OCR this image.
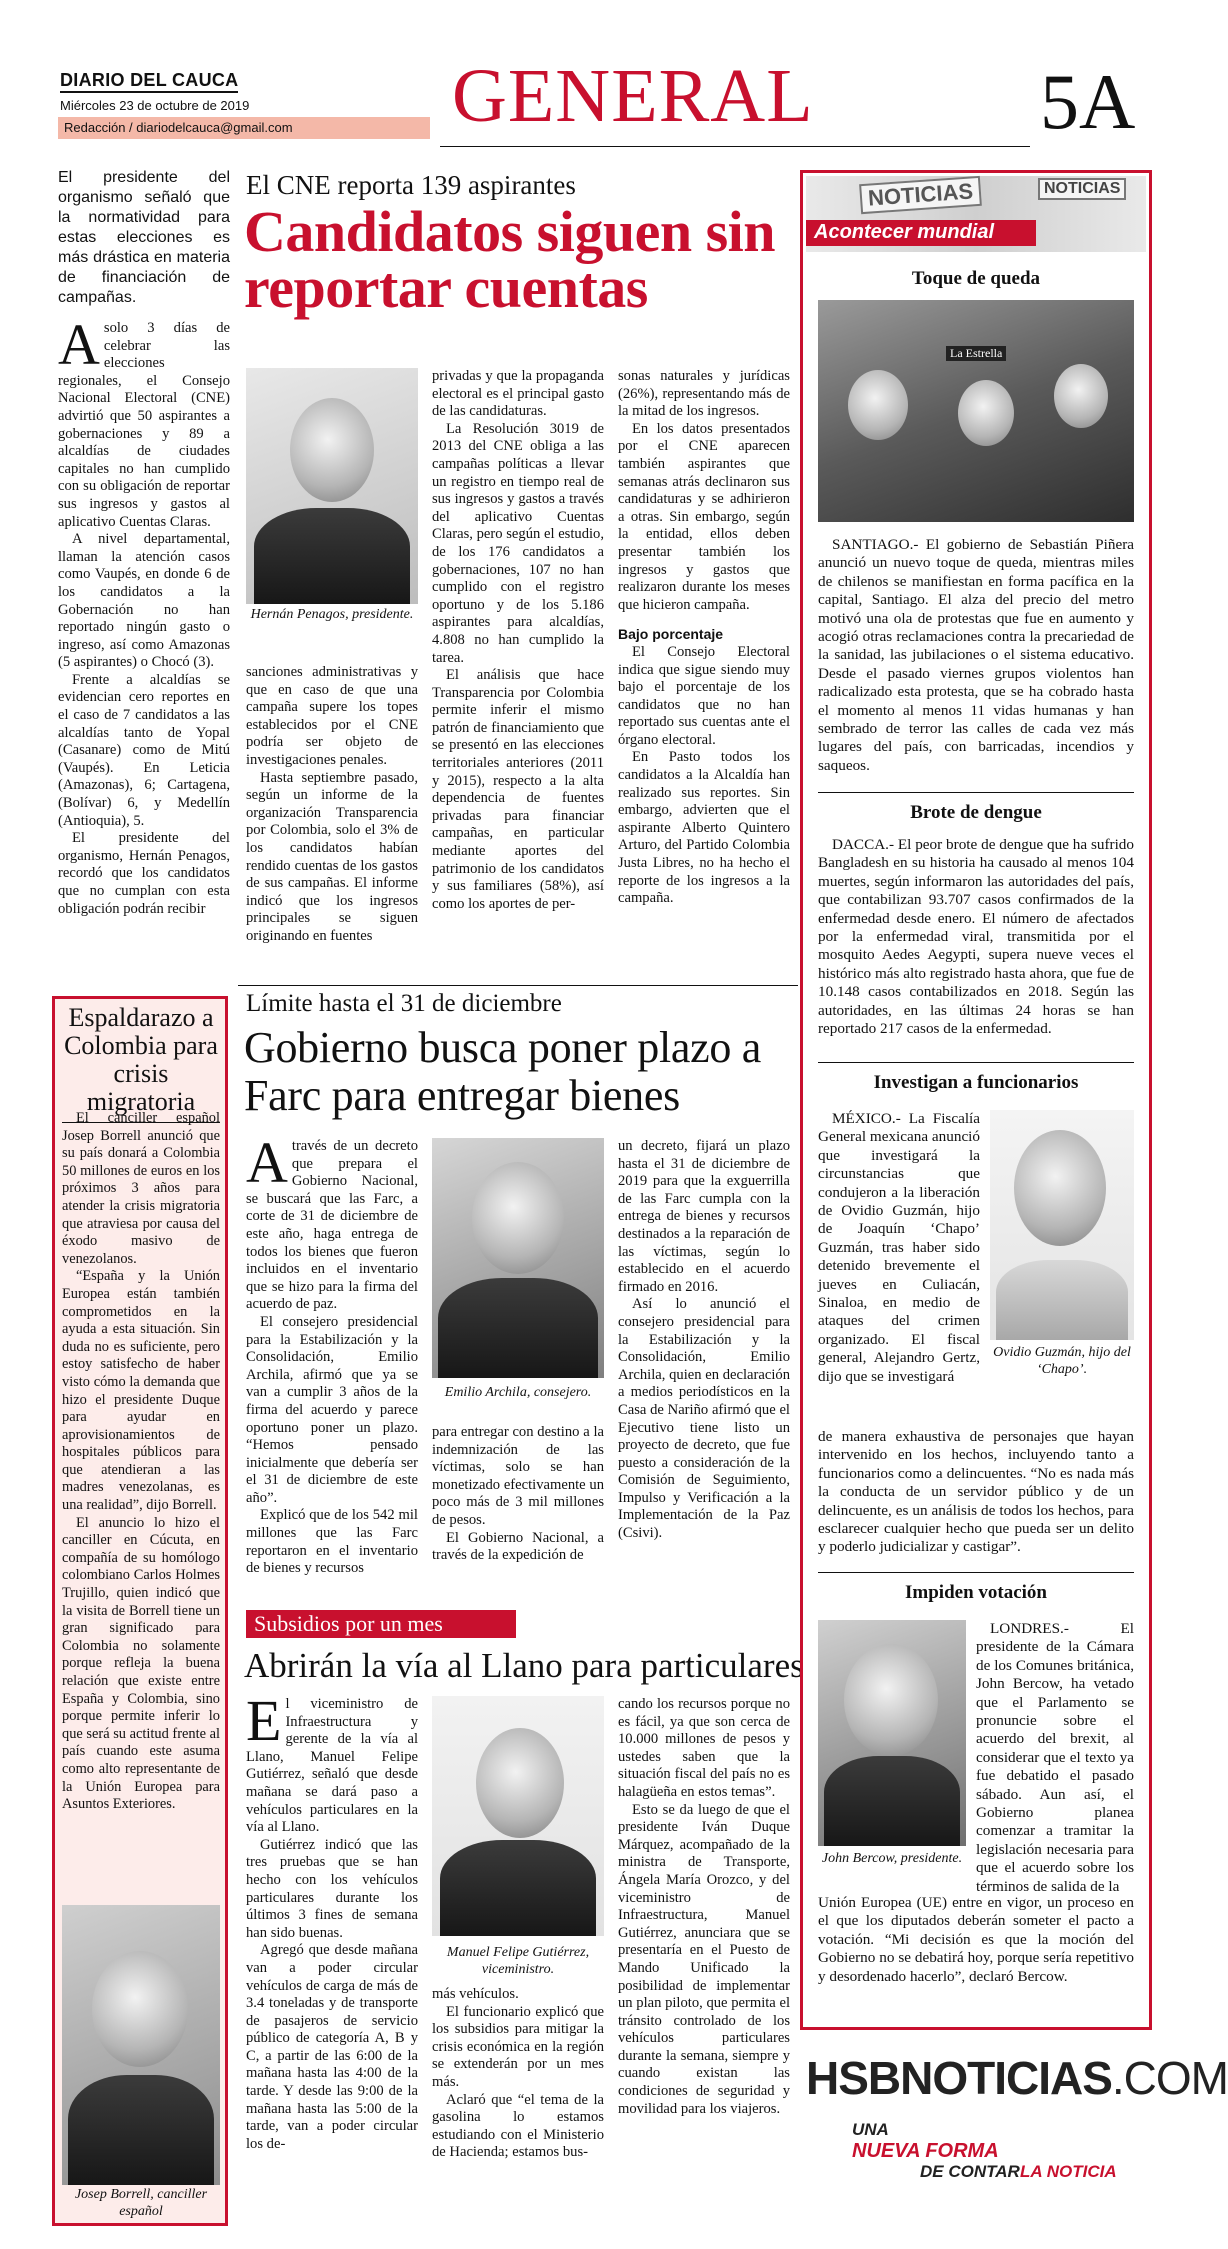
DIARIO DEL CAUCA
Miércoles 23 de octubre de 2019
Redacción / diariodelcauca@gmail.com GENERAL	5A
El CNE reporta 139 aspirantes
Candidatos siguen sin reportar cuentas
El presidente del organismo señaló que la normatividad para estas elecciones es más drástica en materia de financiación de campañas.
A solo 3 días de celebrar las elecciones regionales, el Consejo Nacional Electoral (CNE) advirtió que 50 aspirantes a gobernaciones y 89 a alcaldías de ciudades capitales no han cumplido con su obligación de reportar sus ingresos y gastos al aplicativo Cuentas Claras.

A nivel departamental, llaman la atención casos como Vaupés, en donde 6 de los candidatos a la Gobernación no han reportado ningún gasto o ingreso, así como Amazonas (5 aspirantes) o Chocó (3).

Frente a alcaldías se evidencian cero reportes en el caso de 7 candidatos a las alcaldías tanto de Yopal (Casanare) como de Mitú (Vaupés). En Leticia (Amazonas), 6; Cartagena, (Bolívar) 6, y Medellín (Antioquia), 5.

El presidente del organismo, Hernán Penagos, recordó que los candidatos que no cumplan con esta obligación podrán recibir

Hernán Penagos, presidente.

sanciones administrativas y que en caso de que una campaña supere los topes establecidos por el CNE podría ser objeto de investigaciones penales.

Hasta septiembre pasado, según un informe de la organización Transparencia por Colombia, solo el 3% de los candidatos habían rendido cuentas de los gastos de sus campañas. El informe indicó que los ingresos principales se siguen originando en fuentes

privadas y que la propaganda electoral es el principal gasto de las candidaturas.

La Resolución 3019 de 2013 del CNE obliga a las campañas políticas a llevar un registro en tiempo real de sus ingresos y gastos a través del aplicativo Cuentas Claras, pero según el estudio, de los 176 candidatos a gobernaciones, 107 no han cumplido con el registro oportuno y de los 5.186 aspirantes para alcaldías, 4.808 no han cumplido la tarea.

El análisis que hace Transparencia por Colombia permite inferir el mismo patrón de financiamiento que se presentó en las elecciones territoriales anteriores (2011 y 2015), respecto a la alta dependencia de fuentes privadas para financiar campañas, en particular mediante aportes del patrimonio de los candidatos y sus familiares (58%), así como los aportes de per-

sonas naturales y jurídicas (26%), representando más de la mitad de los ingresos.

En los datos presentados por el CNE aparecen también aspirantes que semanas atrás declinaron sus candidaturas y se adhirieron a otras. Sin embargo, según la entidad, ellos deben presentar también los ingresos y gastos que realizaron durante los meses que hicieron campaña.

Bajo porcentaje

El Consejo Electoral indica que sigue siendo muy bajo el porcentaje de los candidatos que no han reportado sus cuentas ante el órgano electoral.

En Pasto todos los candidatos a la Alcaldía han realizado sus reportes. Sin embargo, advierten que el aspirante Alberto Quintero Arturo, del Partido Colombia Justa Libres, no ha hecho el reporte de los ingresos a la campaña.

Espaldarazo a Colombia para crisis migratoria

El canciller español Josep Borrell anunció que su país donará a Colombia 50 millones de euros en los próximos 3 años para atender la crisis migratoria que atraviesa por causa del éxodo masivo de venezolanos.

“España y la Unión Europea están también comprometidos en la ayuda a esta situación. Sin duda no es suficiente, pero estoy satisfecho de haber visto cómo la demanda que hizo el presidente Duque para ayudar en aprovisionamientos de hospitales públicos para que atendieran a las madres venezolanas, es una realidad”, dijo Borrell.

El anuncio lo hizo el canciller en Cúcuta, en compañía de su homólogo colombiano Carlos Holmes Trujillo, quien indicó que la visita de Borrell tiene un gran significado para Colombia no solamente porque refleja la buena relación que existe entre España y Colombia, sino porque permite inferir lo que será su actitud frente al país cuando este asuma como alto representante de la Unión Europea para Asuntos Exteriores.

Josep Borrell, canciller español
Límite hasta el 31 de diciembre
Gobierno busca poner plazo a Farc para entregar bienes
A través de un decreto que prepara el Gobierno Nacional, se buscará que las Farc, a corte de 31 de diciembre de este año, haga entrega de todos los bienes que fueron incluidos en el inventario que se hizo para la firma del acuerdo de paz.

El consejero presidencial para la Estabilización y la Consolidación, Emilio Archila, afirmó que ya se van a cumplir 3 años de la firma del acuerdo y parece oportuno poner un plazo. “Hemos pensado inicialmente que debería ser el 31 de diciembre de este año”.

Explicó que de los 542 mil millones que las Farc reportaron en el inventario de bienes y recursos

Emilio Archila, consejero.

para entregar con destino a la indemnización de las víctimas, solo se han monetizado efectivamente un poco más de 3 mil millones de pesos.

El Gobierno Nacional, a través de la expedición de

un decreto, fijará un plazo hasta el 31 de diciembre de 2019 para que la exguerrilla de las Farc cumpla con la entrega de bienes y recursos destinados a la reparación de las víctimas, según lo establecido en el acuerdo firmado en 2016.

Así lo anunció el consejero presidencial para la Estabilización y la Consolidación, Emilio Archila, quien en declaración a medios periodísticos en la Casa de Nariño afirmó que el Ejecutivo tiene listo un proyecto de decreto, que fue puesto a consideración de la Comisión de Seguimiento, Impulso y Verificación a la Implementación de la Paz (Csivi).

Subsidios por un mes
Abrirán la vía al Llano para particulares
E l viceministro de Infraestructura y gerente de la vía al Llano, Manuel Felipe Gutiérrez, señaló que desde mañana se dará paso a vehículos particulares en la vía al Llano.

Gutiérrez indicó que las tres pruebas que se han hecho con los vehículos particulares durante los últimos 3 fines de semana han sido buenas.

Agregó que desde mañana van a poder circular vehículos de carga de más de 3.4 toneladas y de transporte de pasajeros de servicio público de categoría A, B y C, a partir de las 6:00 de la mañana hasta las 4:00 de la tarde. Y desde las 9:00 de la mañana hasta las 5:00 de la tarde, van a poder circular los de-

Manuel Felipe Gutiérrez, viceministro.

más vehículos.

El funcionario explicó que los subsidios para mitigar la crisis económica en la región se extenderán por un mes más.

Aclaró que “el tema de la gasolina lo estamos estudiando con el Ministerio de Hacienda; estamos bus-

cando los recursos porque no es fácil, ya que son cerca de 10.000 millones de pesos y ustedes saben que la situación fiscal del país no es halagüeña en estos temas”.

Esto se da luego de que el presidente Iván Duque Márquez, acompañado de la ministra de Transporte, Ángela María Orozco, y del viceministro de Infraestructura, Manuel Gutiérrez, anunciara que se presentaría en el Puesto de Mando Unificado la posibilidad de implementar un plan piloto, que permita el tránsito controlado de los vehículos particulares durante la semana, siempre y cuando existan las condiciones de seguridad y movilidad para los viajeros.

NOTICIAS	NOTICIAS
Acontecer mundial
Toque de queda
La Estrella

SANTIAGO.- El gobierno de Sebastián Piñera anunció un nuevo toque de queda, mientras miles de chilenos se manifiestan en forma pacífica en la capital, Santiago. El alza del precio del metro motivó una ola de protestas que fue en aumento y acogió otras reclamaciones contra la precariedad de la sanidad, las jubilaciones o el sistema educativo. Desde el pasado viernes grupos violentos han radicalizado esta protesta, que se ha cobrado hasta el momento al menos 11 vidas humanas y han sembrado de terror las calles de cada vez más lugares del país, con barricadas, incendios y saqueos.

Brote de dengue

DACCA.- El peor brote de dengue que ha sufrido Bangladesh en su historia ha causado al menos 104 muertes, según informaron las autoridades del país, que contabilizan 93.707 casos confirmados de la enfermedad desde enero. El número de afectados por la enfermedad viral, transmitida por el mosquito Aedes Aegypti, supera nueve veces el histórico más alto registrado hasta ahora, que fue de 10.148 casos contabilizados en 2018. Según las autoridades, en las últimas 24 horas se han reportado 217 casos de la enfermedad.

Investigan a funcionarios

MÉXICO.- La Fiscalía General mexicana anunció que investigará la circunstancias que condujeron a la liberación de Ovidio Guzmán, hijo de Joaquín ‘Chapo’ Guzmán, tras haber sido detenido brevemente el jueves en Culiacán, Sinaloa, en medio de ataques del crimen organizado. El fiscal general, Alejandro Gertz, dijo que se investigará

Ovidio Guzmán, hijo del ‘Chapo’.

de manera exhaustiva de personajes que hayan intervenido en los hechos, incluyendo tanto a funcionarios como a delincuentes. “No es nada más la conducta de un servidor público y de un delincuente, es un análisis de todos los hechos, para esclarecer cualquier hecho que pueda ser un delito y poderlo judicializar y castigar”.

Impiden votación
John Bercow, presidente.

LONDRES.- El presidente de la Cámara de los Comunes británica, John Bercow, ha vetado que el Parlamento se pronuncie sobre el acuerdo del brexit, al considerar que el texto ya fue debatido el pasado sábado. Aun así, el Gobierno planea comenzar a tramitar la legislación necesaria para que el acuerdo sobre los términos de salida de la

Unión Europea (UE) entre en vigor, un proceso en el que los diputados deberán someter el pacto a votación. “Mi decisión es que la moción del Gobierno no se debatirá hoy, porque sería repetitivo y desordenado hacerlo”, declaró Bercow.

HSBNOTICIAS.COM
UNA
NUEVA FORMA
DE CONTAR LA NOTICIA
